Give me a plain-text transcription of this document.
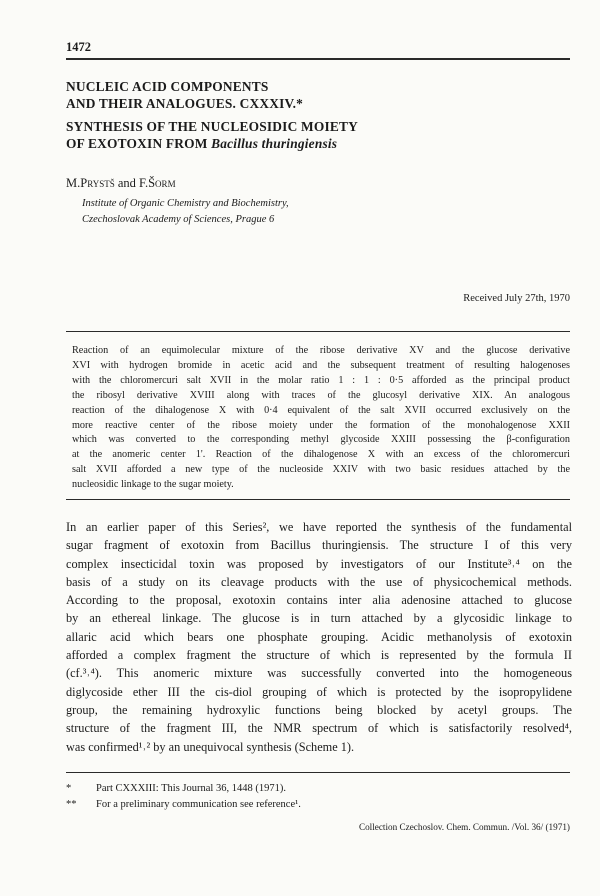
1472
NUCLEIC ACID COMPONENTS
AND THEIR ANALOGUES. CXXXIV.*
SYNTHESIS OF THE NUCLEOSIDIC MOIETY
OF EXOTOXIN FROM Bacillus thuringiensis
M.Prystš and F.Šorm
Institute of Organic Chemistry and Biochemistry,
Czechoslovak Academy of Sciences, Prague 6
Received July 27th, 1970
Reaction of an equimolecular mixture of the ribose derivative XV and the glucose derivative
XVI with hydrogen bromide in acetic acid and the subsequent treatment of resulting halogenoses
with the chloromercuri salt XVII in the molar ratio 1 : 1 : 0·5 afforded as the principal product
the ribosyl derivative XVIII along with traces of the glucosyl derivative XIX. An analogous
reaction of the dihalogenose X with 0·4 equivalent of the salt XVII occurred exclusively on the
more reactive center of the ribose moiety under the formation of the monohalogenose XXII
which was converted to the corresponding methyl glycoside XXIII possessing the β-configuration
at the anomeric center 1'. Reaction of the dihalogenose X with an excess of the chloromercuri
salt XVII afforded a new type of the nucleoside XXIV with two basic residues attached by the
nucleosidic linkage to the sugar moiety.
In an earlier paper of this Series², we have reported the synthesis of the fundamental
sugar fragment of exotoxin from Bacillus thuringiensis. The structure I of this very
complex insecticidal toxin was proposed by investigators of our Institute³˒⁴ on the
basis of a study on its cleavage products with the use of physicochemical methods.
According to the proposal, exotoxin contains inter alia adenosine attached to glucose
by an ethereal linkage. The glucose is in turn attached by a glycosidic linkage to
allaric acid which bears one phosphate grouping. Acidic methanolysis of exotoxin
afforded a complex fragment the structure of which is represented by the formula II
(cf.³˒⁴). This anomeric mixture was successfully converted into the homogeneous
diglycoside ether III the cis-diol grouping of which is protected by the isopropylidene
group, the remaining hydroxylic functions being blocked by acetyl groups. The
structure of the fragment III, the NMR spectrum of which is satisfactorily resolved⁴,
was confirmed¹˒² by an unequivocal synthesis (Scheme 1).
* Part CXXXIII: This Journal 36, 1448 (1971).
** For a preliminary communication see reference¹.
Collection Czechoslov. Chem. Commun. /Vol. 36/ (1971)
